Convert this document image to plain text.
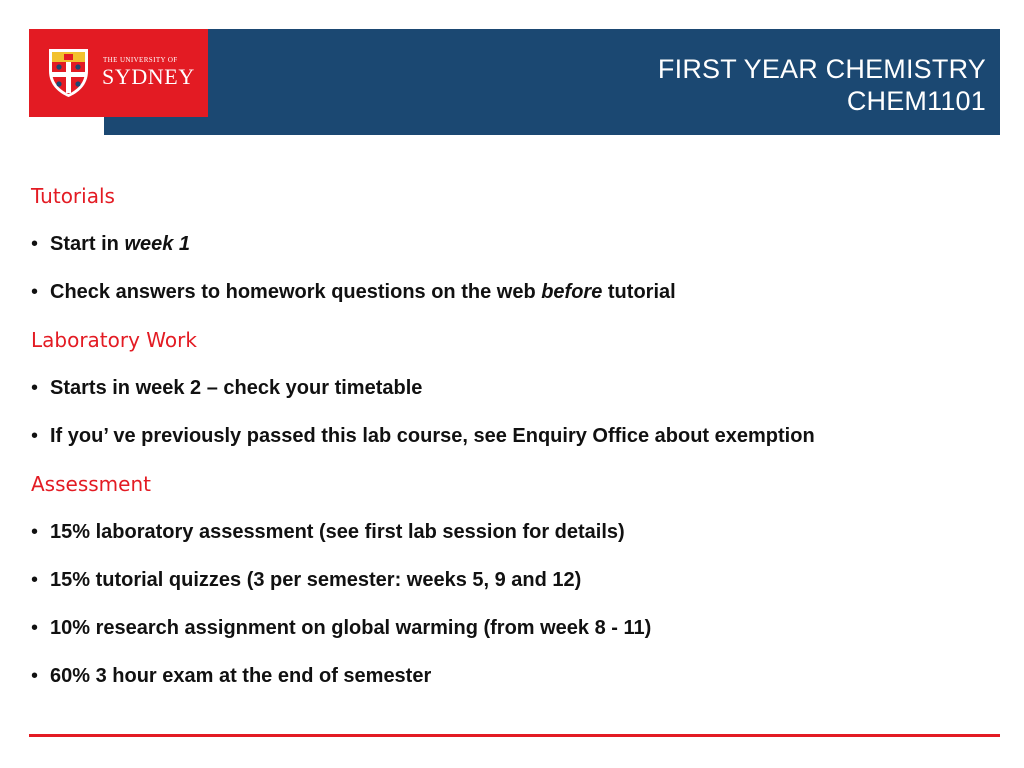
FIRST YEAR CHEMISTRY
CHEM1101
THE UNIVERSITY OF
SYDNEY
Tutorials
• Start in week 1
• Check answers to homework questions on the web before tutorial
Laboratory Work
• Starts in week 2 – check your timetable
• If you’ ve previously passed this lab course, see Enquiry Office about exemption
Assessment
• 15% laboratory assessment (see first lab session for details)
• 15% tutorial quizzes (3 per semester: weeks 5, 9 and 12)
• 10% research assignment on global warming (from week 8 - 11)
• 60% 3 hour exam at the end of semester
